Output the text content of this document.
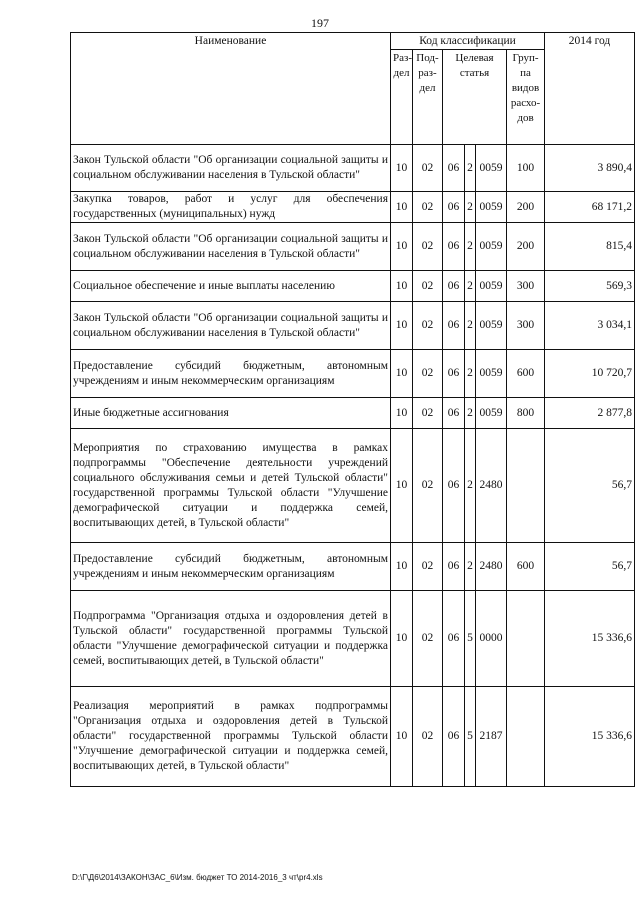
197
Наименование	Код классификации						2014 год
	Раз-дел	Под-раз-дел	Целевая статья			Груп-па видов расхо-дов	
Закон Тульской области "Об организации социальной защиты и социальном обслуживании населения в Тульской области"	10	02	06	2	0059	100	3 890,4
Закупка товаров, работ и услуг для обеспечения государственных (муниципальных) нужд	10	02	06	2	0059	200	68 171,2
Закон Тульской области "Об организации социальной защиты и социальном обслуживании населения в Тульской области"	10	02	06	2	0059	200	815,4
Социальное обеспечение и иные выплаты населению	10	02	06	2	0059	300	569,3
Закон Тульской области "Об организации социальной защиты и социальном обслуживании населения в Тульской области"	10	02	06	2	0059	300	3 034,1
Предоставление субсидий бюджетным, автономным учреждениям и иным некоммерческим организациям	10	02	06	2	0059	600	10 720,7
Иные бюджетные ассигнования	10	02	06	2	0059	800	2 877,8
Мероприятия по страхованию имущества в рамках подпрограммы "Обеспечение деятельности учреждений социального обслуживания семьи и детей Тульской области" государственной программы Тульской области "Улучшение демографической ситуации и поддержка семей, воспитывающих детей, в Тульской области"	10	02	06	2	2480		56,7
Предоставление субсидий бюджетным, автономным учреждениям и иным некоммерческим организациям	10	02	06	2	2480	600	56,7
Подпрограмма "Организация отдыха и оздоровления детей в Тульской области" государственной программы Тульской области "Улучшение демографической ситуации и поддержка семей, воспитывающих детей, в Тульской области"	10	02	06	5	0000		15 336,6
Реализация мероприятий в рамках подпрограммы "Организация отдыха и оздоровления детей в Тульской области" государственной программы Тульской области "Улучшение демографической ситуации и поддержка семей, воспитывающих детей, в Тульской области"	10	02	06	5	2187		15 336,6
D:\Г\Д6\2014\ЗАКОН\ЗАС_6\Изм. бюджет ТО 2014-2016_3 чт\pr4.xls
